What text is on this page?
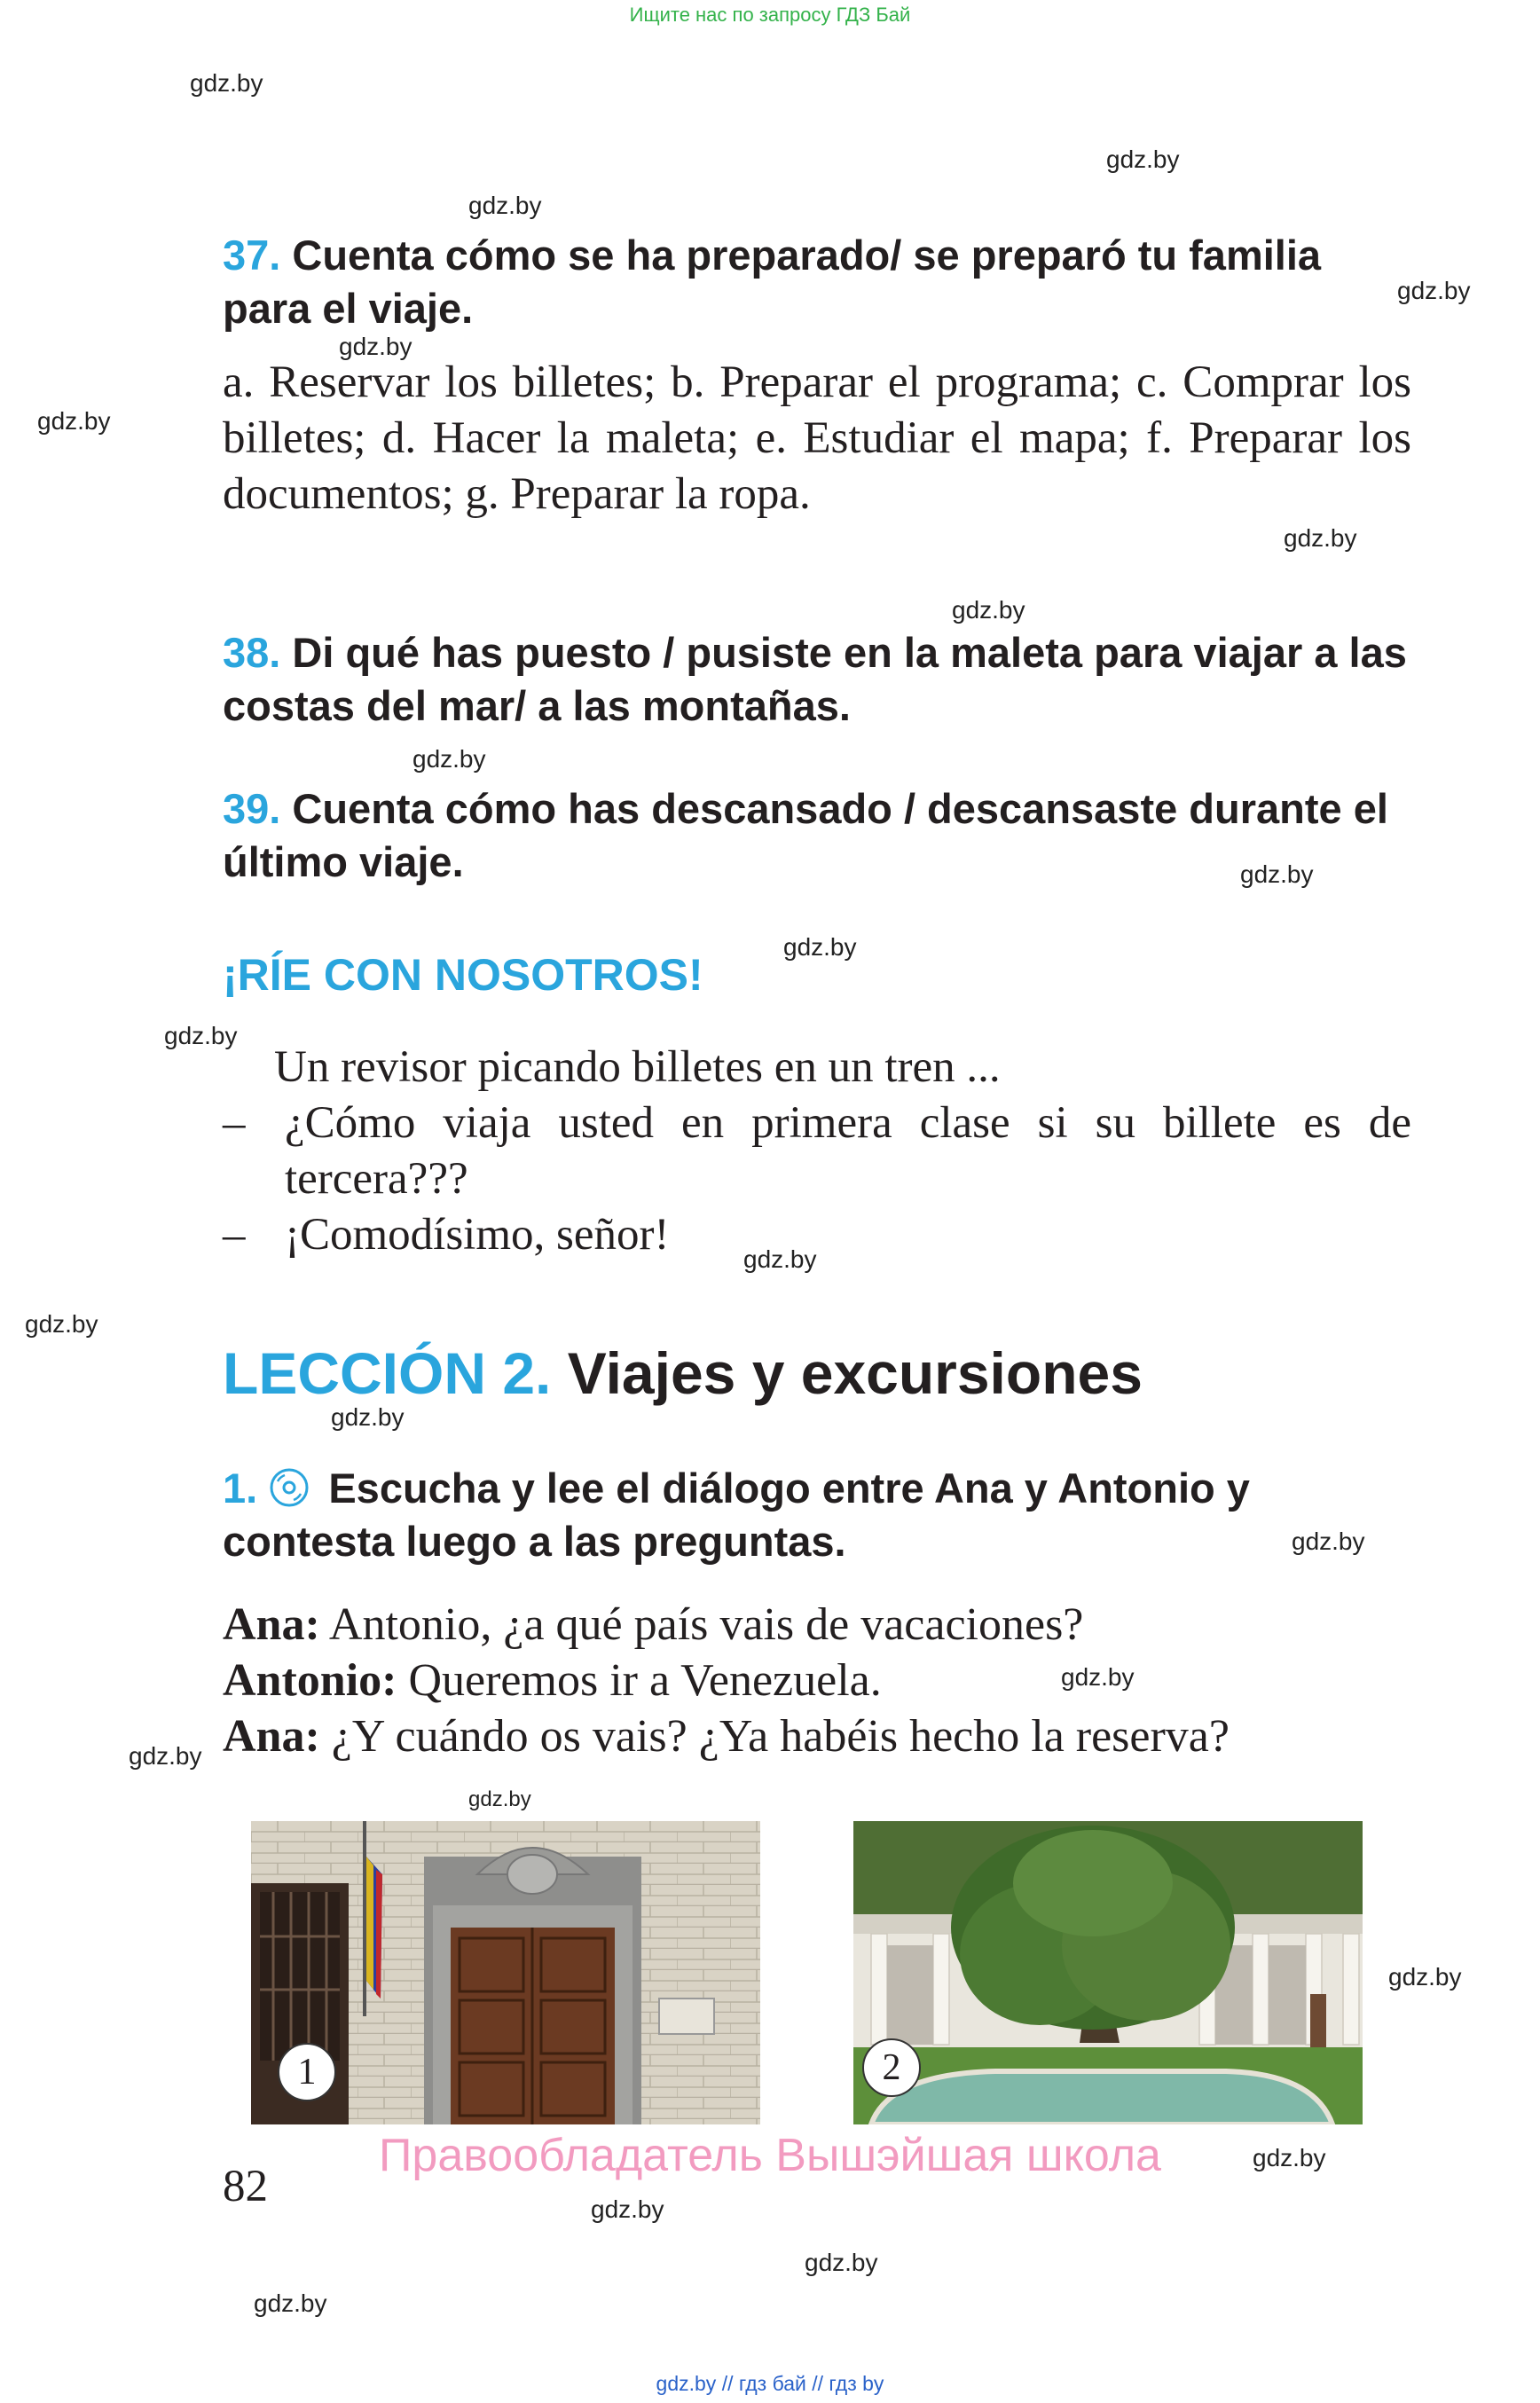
Ищите нас по запросу ГДЗ Бай
gdz.by
gdz.by
gdz.by
gdz.by
gdz.by
gdz.by
gdz.by
gdz.by
gdz.by
gdz.by
gdz.by
gdz.by
gdz.by
gdz.by
gdz.by
gdz.by
gdz.by
gdz.by
gdz.by
gdz.by
gdz.by
gdz.by
gdz.by
gdz.by
37. Cuenta cómo se ha preparado/ se preparó tu familia para el viaje.
a. Reservar los billetes; b. Preparar el programa; c. Comprar los billetes; d. Hacer la maleta; e. Estudiar el mapa; f. Preparar los documentos; g. Preparar la ropa.
38. Di qué has puesto / pusiste en la maleta para viajar a las costas del mar/ a las montañas.
39. Cuenta cómo has descansado / descansaste durante el último viaje.
¡RÍE CON NOSOTROS!
Un revisor picando billetes en un tren ...
– ¿Cómo viaja usted en primera clase si su billete es de tercera???
– ¡Comodísimo, señor!
LECCIÓN 2. Viajes y excursiones
1. Escucha y lee el diálogo entre Ana y Antonio y contesta luego a las preguntas.
Ana: Antonio, ¿a qué país vais de vacaciones?
Antonio: Queremos ir a Venezuela.
Ana: ¿Y cuándo os vais? ¿Ya habéis hecho la reserva?
1	2
Правообладатель Вышэйшая школа
82
gdz.by // гдз бай // гдз by
